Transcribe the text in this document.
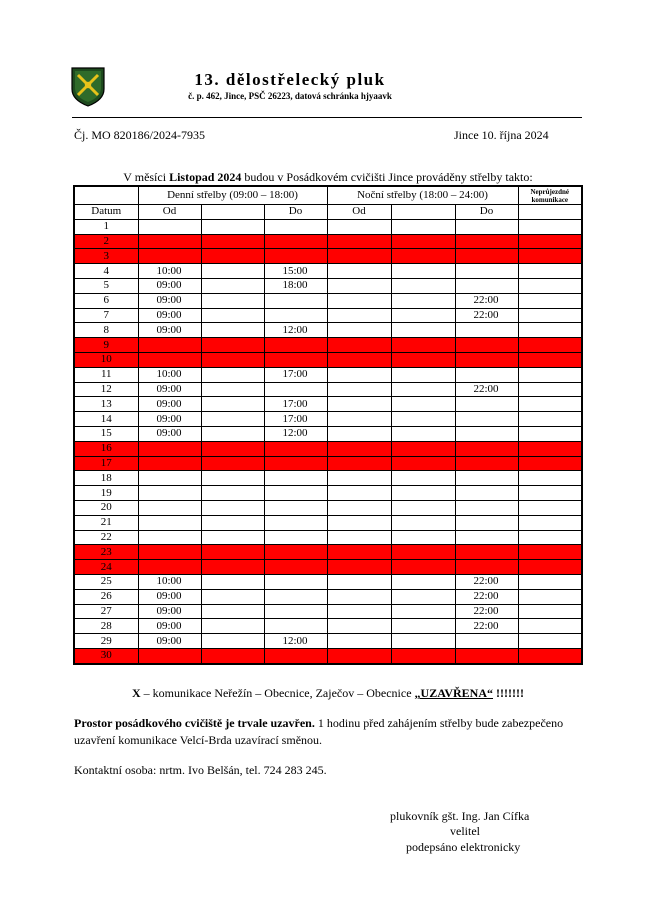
13. dělostřelecký pluk
č. p. 462, Jince, PSČ 26223, datová schránka hjyaavk
Čj. MO 820186/2024-7935	Jince 10. října 2024
V měsíci Listopad 2024 budou v Posádkovém cvičišti Jince prováděny střelby takto:
	Denní střelby (09:00 – 18:00)			Noční střelby (18:00 – 24:00)			Neprůjezdné komunikace
Datum	Od		Do	Od		Do	
1							
2							
3							
4	10:00		15:00				
5	09:00		18:00				
6	09:00					22:00	
7	09:00					22:00	
8	09:00		12:00				
9							
10							
11	10:00		17:00				
12	09:00					22:00	
13	09:00		17:00				
14	09:00		17:00				
15	09:00		12:00				
16							
17							
18							
19							
20							
21							
22							
23							
24							
25	10:00					22:00	
26	09:00					22:00	
27	09:00					22:00	
28	09:00					22:00	
29	09:00		12:00				
30							
X – komunikace Neřežín – Obecnice, Zaječov – Obecnice „UZAVŘENA“ !!!!!!!
Prostor posádkového cvičiště je trvale uzavřen. 1 hodinu před zahájením střelby bude zabezpečeno uzavření komunikace Velcí-Brda uzavírací směnou.
Kontaktní osoba: nrtm. Ivo Belšán, tel. 724 283 245.
plukovník gšt. Ing. Jan Cífka
velitel
podepsáno elektronicky
